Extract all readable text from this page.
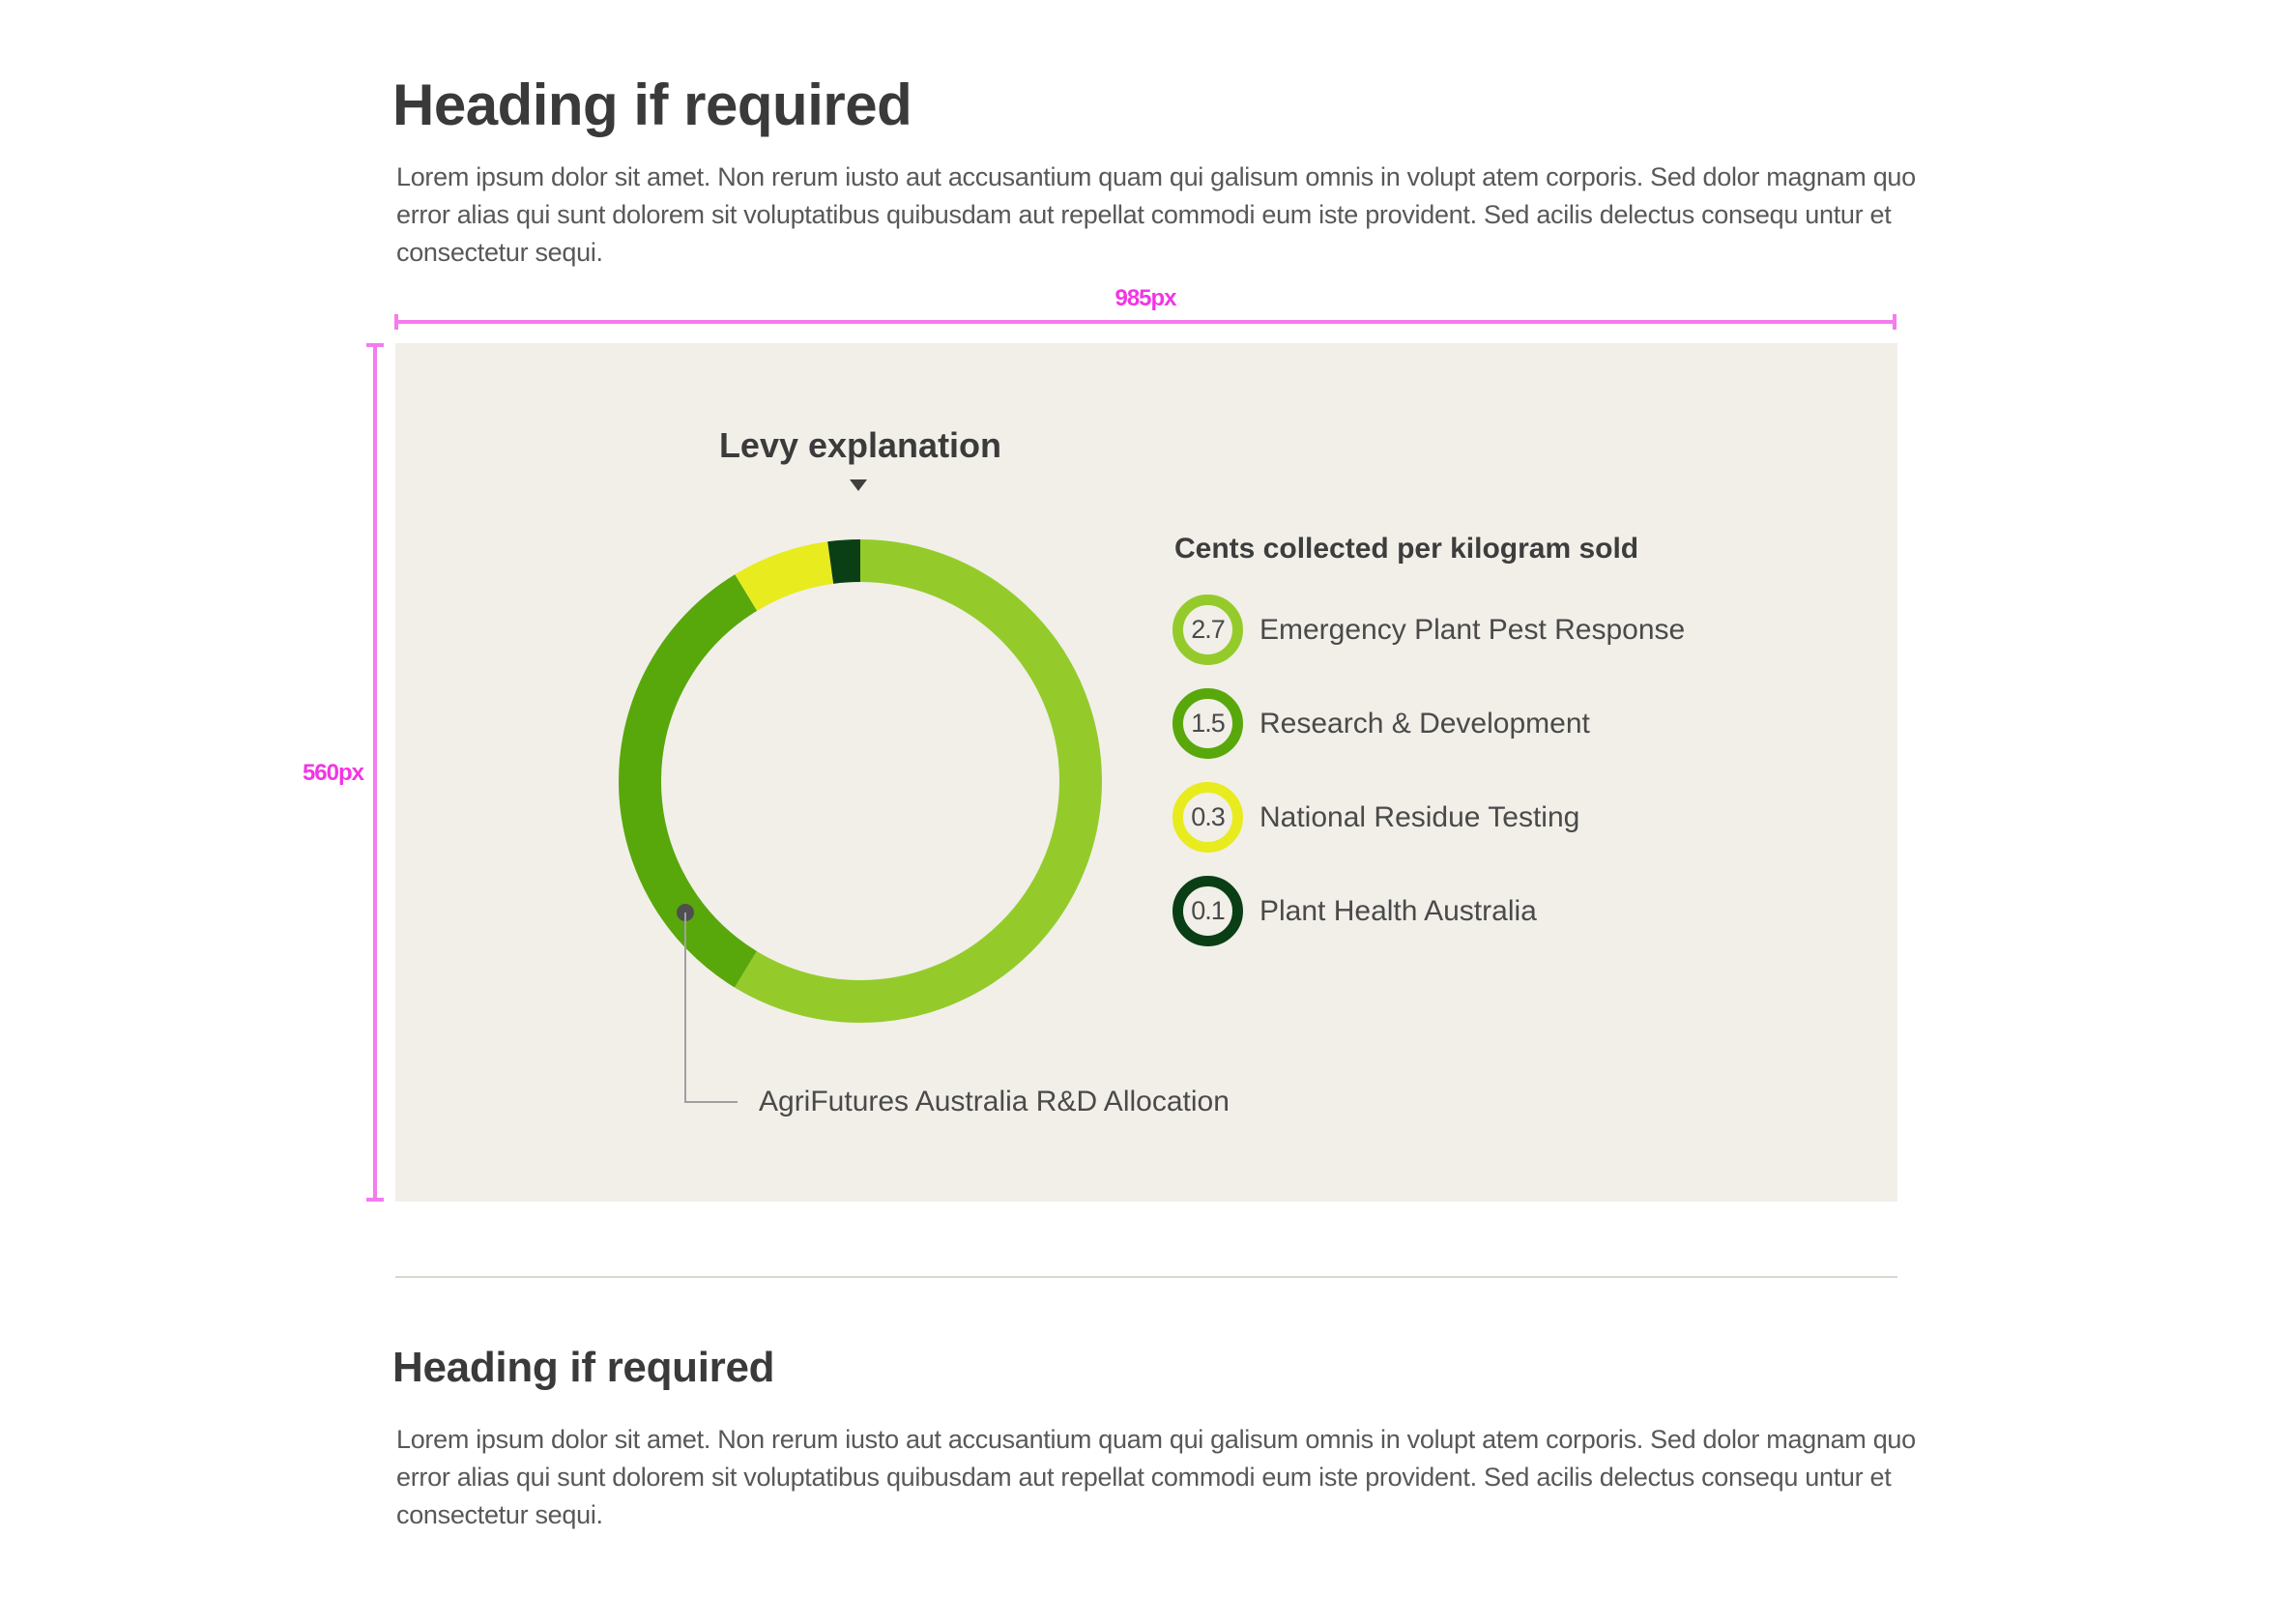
Heading if required
Lorem ipsum dolor sit amet. Non rerum iusto aut accusantium quam qui galisum omnis in volupt atem corporis. Sed dolor magnam quo error alias qui sunt dolorem sit voluptatibus quibusdam aut repellat commodi eum iste provident. Sed acilis delectus consequ untur et consectetur sequi.
985px
560px
Levy explanation
Cents collected per kilogram sold
2.7	Emergency Plant Pest Response
1.5	Research & Development
0.3	National Residue Testing
0.1	Plant Health Australia
AgriFutures Australia R&D Allocation
Heading if required
Lorem ipsum dolor sit amet. Non rerum iusto aut accusantium quam qui galisum omnis in volupt atem corporis. Sed dolor magnam quo error alias qui sunt dolorem sit voluptatibus quibusdam aut repellat commodi eum iste provident. Sed acilis delectus consequ untur et consectetur sequi.
